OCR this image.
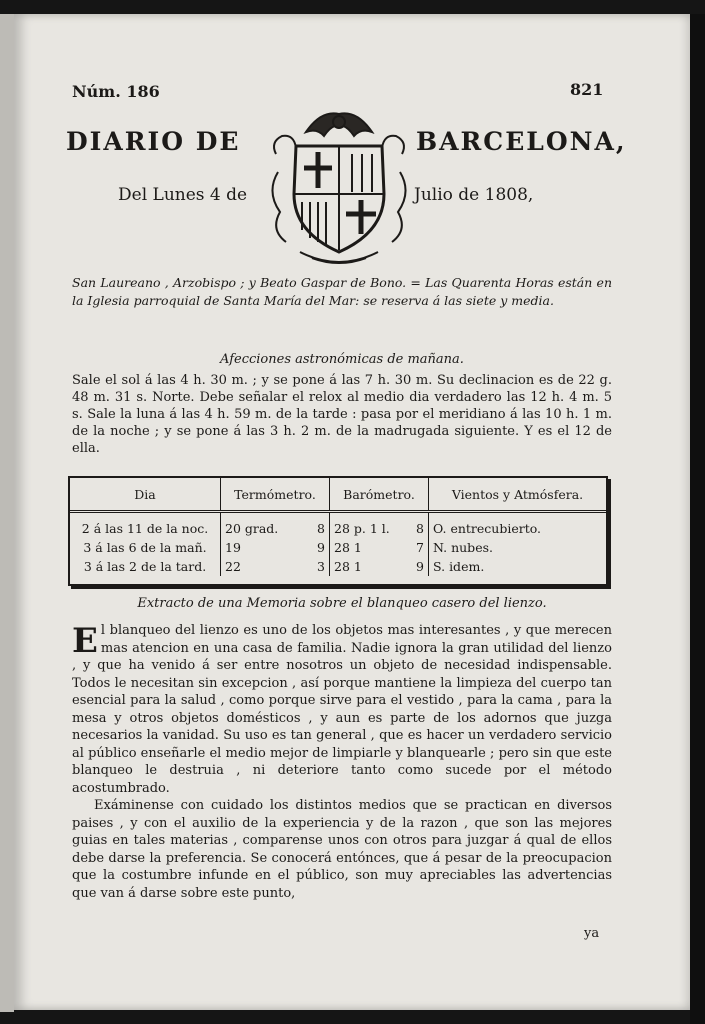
Núm. 186	821
DIARIO DE	BARCELONA,
Del Lunes 4 de	Julio de 1808,
San Laureano , Arzobispo ; y Beato Gaspar de Bono. = Las Quarenta Horas están en la Iglesia parroquial de Santa María del Mar: se reserva á las siete y media.
Afecciones astronómicas de mañana.
Sale el sol á las 4 h. 30 m. ; y se pone á las 7 h. 30 m. Su declinacion es de 22 g. 48 m. 31 s. Norte. Debe señalar el relox al medio dia verdadero las 12 h. 4 m. 5 s. Sale la luna á las 4 h. 59 m. de la tarde : pasa por el meridiano á las 10 h. 1 m. de la noche ; y se pone á las 3 h. 2 m. de la madrugada siguiente. Y es el 12 de ella.
Dia	Termómetro.	Barómetro.	Vientos y Atmósfera.
2 á las 11 de la noc.	20 grad. 8	28 p. 1 l. 8	O. entrecubierto.
3 á las 6 de la mañ.	19 9	28 1 7	N. nubes.
3 á las 2 de la tard.	22 3	28 1 9	S. idem.
Extracto de una Memoria sobre el blanqueo casero del lienzo.

El blanqueo del lienzo es uno de los objetos mas interesantes , y que merecen mas atencion en una casa de familia. Nadie ignora la gran utilidad del lienzo , y que ha venido á ser entre nosotros un objeto de necesidad indispensable. Todos le necesitan sin excepcion , así porque mantiene la limpieza del cuerpo tan esencial para la salud , como porque sirve para el vestido , para la cama , para la mesa y otros objetos domésticos , y aun es parte de los adornos que juzga necesarios la vanidad. Su uso es tan general , que es hacer un verdadero servicio al público enseñarle el medio mejor de limpiarle y blanquearle ; pero sin que este blanqueo le destruia , ni deteriore tanto como sucede por el método acostumbrado.

Exáminense con cuidado los distintos medios que se practican en diversos paises , y con el auxilio de la experiencia y de la razon , que son las mejores guias en tales materias , comparense unos con otros para juzgar á qual de ellos debe darse la preferencia. Se conocerá entónces, que á pesar de la preocupacion que la costumbre infunde en el público, son muy apreciables las advertencias que van á darse sobre este punto,

ya
